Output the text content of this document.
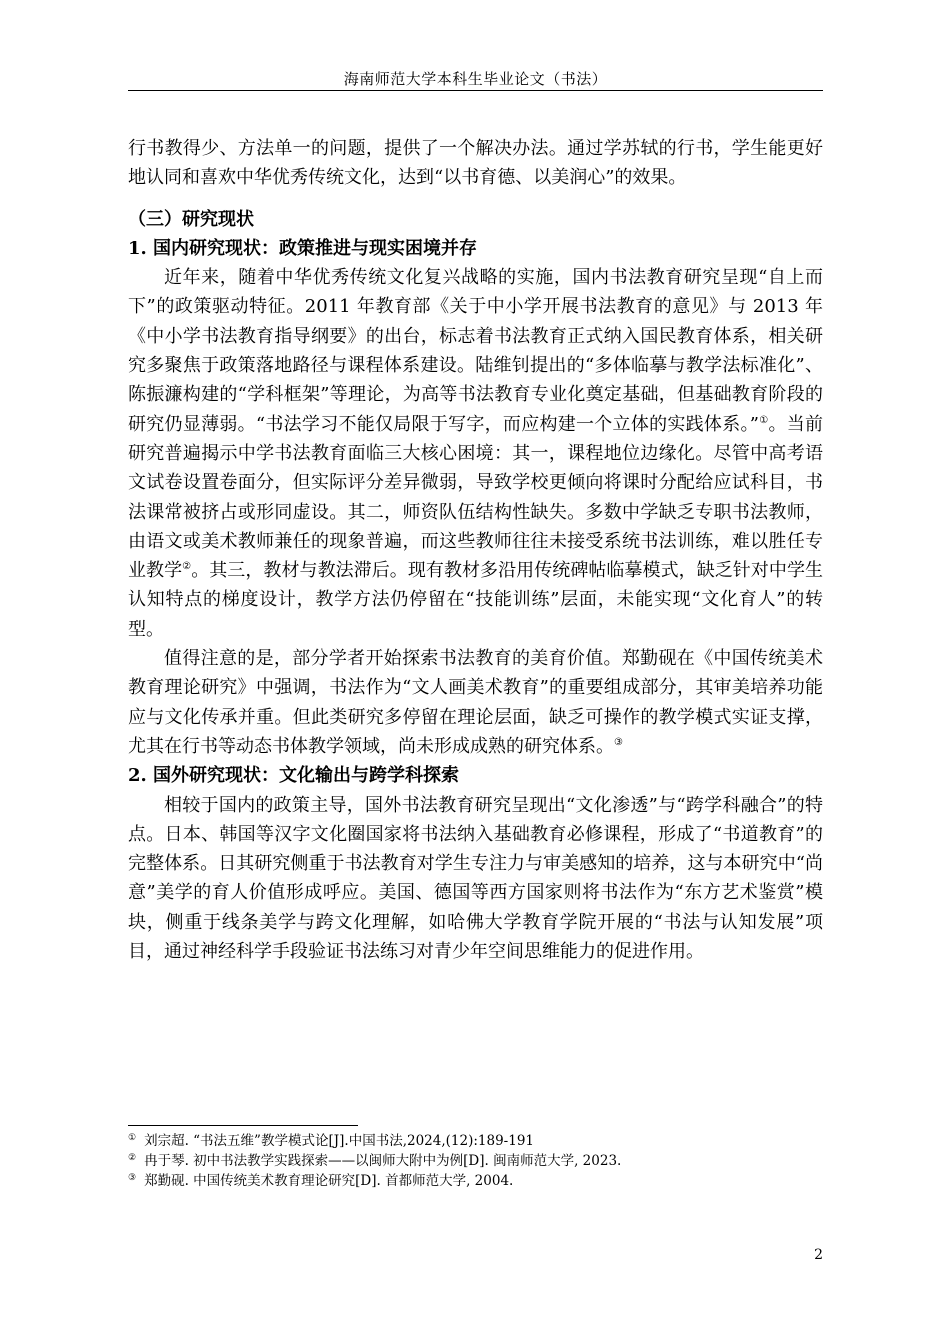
海南师范大学本科生毕业论文（书法）

行书教得少、方法单一的问题，提供了一个解决办法。通过学苏轼的行书，学生能更好地认同和喜欢中华优秀传统文化，达到“以书育德、以美润心”的效果。

（三）研究现状

1. 国内研究现状：政策推进与现实困境并存

近年来，随着中华优秀传统文化复兴战略的实施，国内书法教育研究呈现“自上而下”的政策驱动特征。2011 年教育部《关于中小学开展书法教育的意见》与 2013 年《中小学书法教育指导纲要》的出台，标志着书法教育正式纳入国民教育体系，相关研究多聚焦于政策落地路径与课程体系建设。陆维钊提出的“多体临摹与教学法标准化”、陈振濂构建的“学科框架”等理论，为高等书法教育专业化奠定基础，但基础教育阶段的研究仍显薄弱。“书法学习不能仅局限于写字，而应构建一个立体的实践体系。”①。当前研究普遍揭示中学书法教育面临三大核心困境：其一，课程地位边缘化。尽管中高考语文试卷设置卷面分，但实际评分差异微弱，导致学校更倾向将课时分配给应试科目，书法课常被挤占或形同虚设。其二，师资队伍结构性缺失。多数中学缺乏专职书法教师，由语文或美术教师兼任的现象普遍，而这些教师往往未接受系统书法训练，难以胜任专业教学②。其三，教材与教法滞后。现有教材多沿用传统碑帖临摹模式，缺乏针对中学生认知特点的梯度设计，教学方法仍停留在“技能训练”层面，未能实现“文化育人”的转型。

值得注意的是，部分学者开始探索书法教育的美育价值。郑勤砚在《中国传统美术教育理论研究》中强调，书法作为“文人画美术教育”的重要组成部分，其审美培养功能应与文化传承并重。但此类研究多停留在理论层面，缺乏可操作的教学模式实证支撑，尤其在行书等动态书体教学领域，尚未形成成熟的研究体系。③

2. 国外研究现状：文化输出与跨学科探索

相较于国内的政策主导，国外书法教育研究呈现出“文化渗透”与“跨学科融合”的特点。日本、韩国等汉字文化圈国家将书法纳入基础教育必修课程，形成了“书道教育”的完整体系。日其研究侧重于书法教育对学生专注力与审美感知的培养，这与本研究中“尚意”美学的育人价值形成呼应。美国、德国等西方国家则将书法作为“东方艺术鉴赏”模块，侧重于线条美学与跨文化理解，如哈佛大学教育学院开展的“书法与认知发展”项目，通过神经科学手段验证书法练习对青少年空间思维能力的促进作用。

① 刘宗超. “书法五维”教学模式论[J].中国书法,2024,(12):189-191
② 冉于琴. 初中书法教学实践探索——以闽师大附中为例[D]. 闽南师范大学, 2023.
③ 郑勤砚. 中国传统美术教育理论研究[D]. 首都师范大学, 2004.
2
